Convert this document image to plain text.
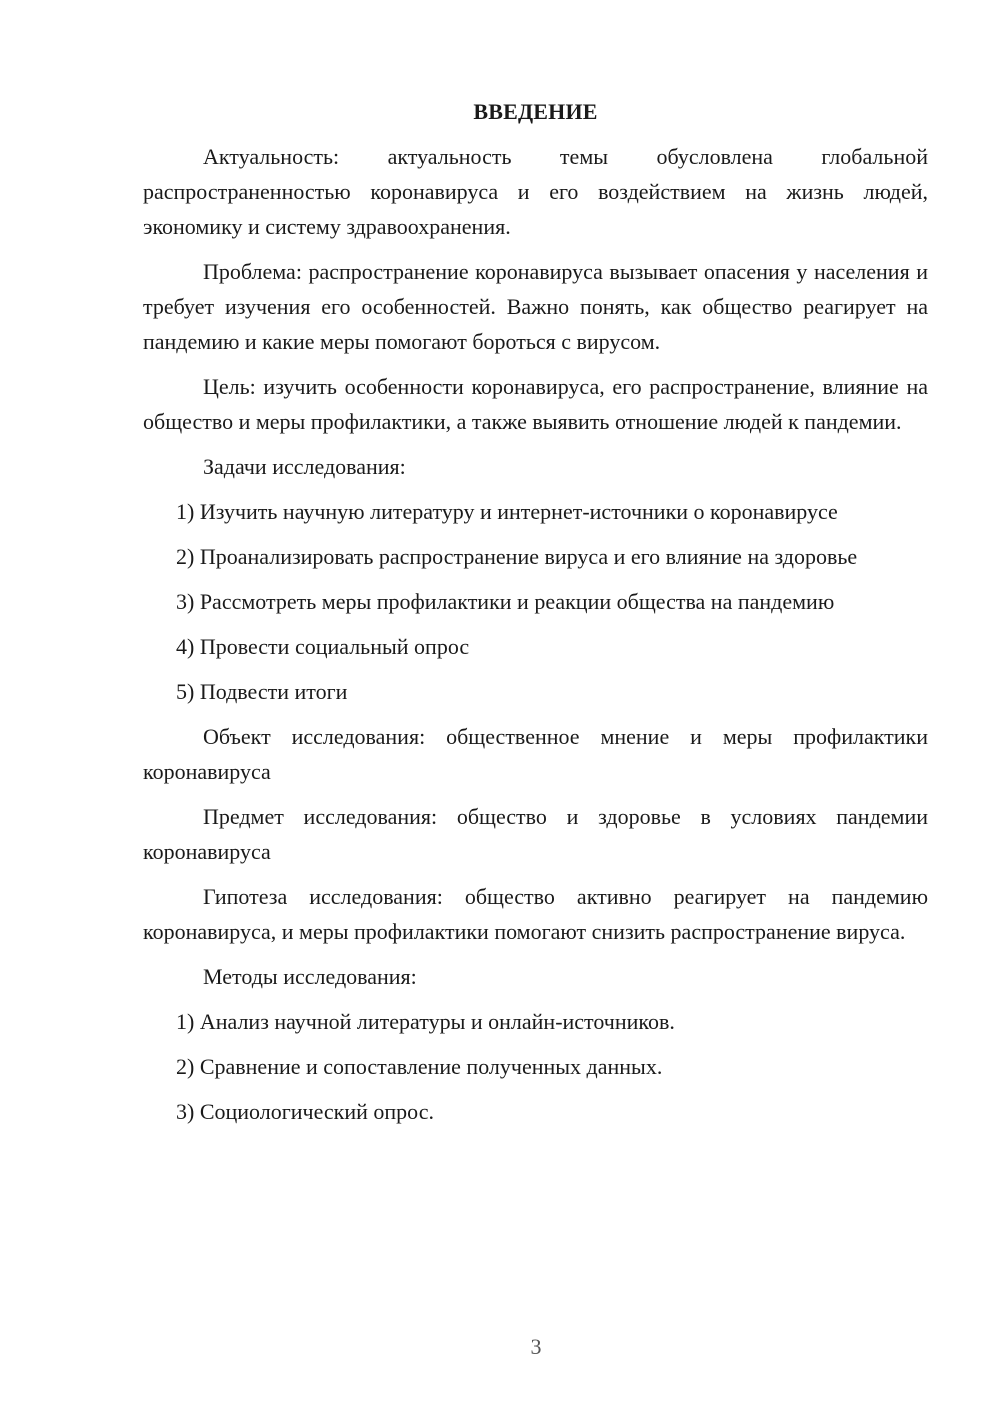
ВВЕДЕНИЕ

Актуальность: актуальность темы обусловлена глобальной распространенностью коронавируса и его воздействием на жизнь людей, экономику и систему здравоохранения.

Проблема: распространение коронавируса вызывает опасения у населения и требует изучения его особенностей. Важно понять, как общество реагирует на пандемию и какие меры помогают бороться с вирусом.

Цель: изучить особенности коронавируса, его распространение, влияние на общество и меры профилактики, а также выявить отношение людей к пандемии.

Задачи исследования:

1) Изучить научную литературу и интернет-источники о коронавирусе

2) Проанализировать распространение вируса и его влияние на здоровье

3) Рассмотреть меры профилактики и реакции общества на пандемию

4) Провести социальный опрос

5) Подвести итоги

Объект исследования: общественное мнение и меры профилактики коронавируса

Предмет исследования: общество и здоровье в условиях пандемии коронавируса

Гипотеза исследования: общество активно реагирует на пандемию коронавируса, и меры профилактики помогают снизить распространение вируса.

Методы исследования:

1) Анализ научной литературы и онлайн-источников.

2) Сравнение и сопоставление полученных данных.

3) Социологический опрос.

3
